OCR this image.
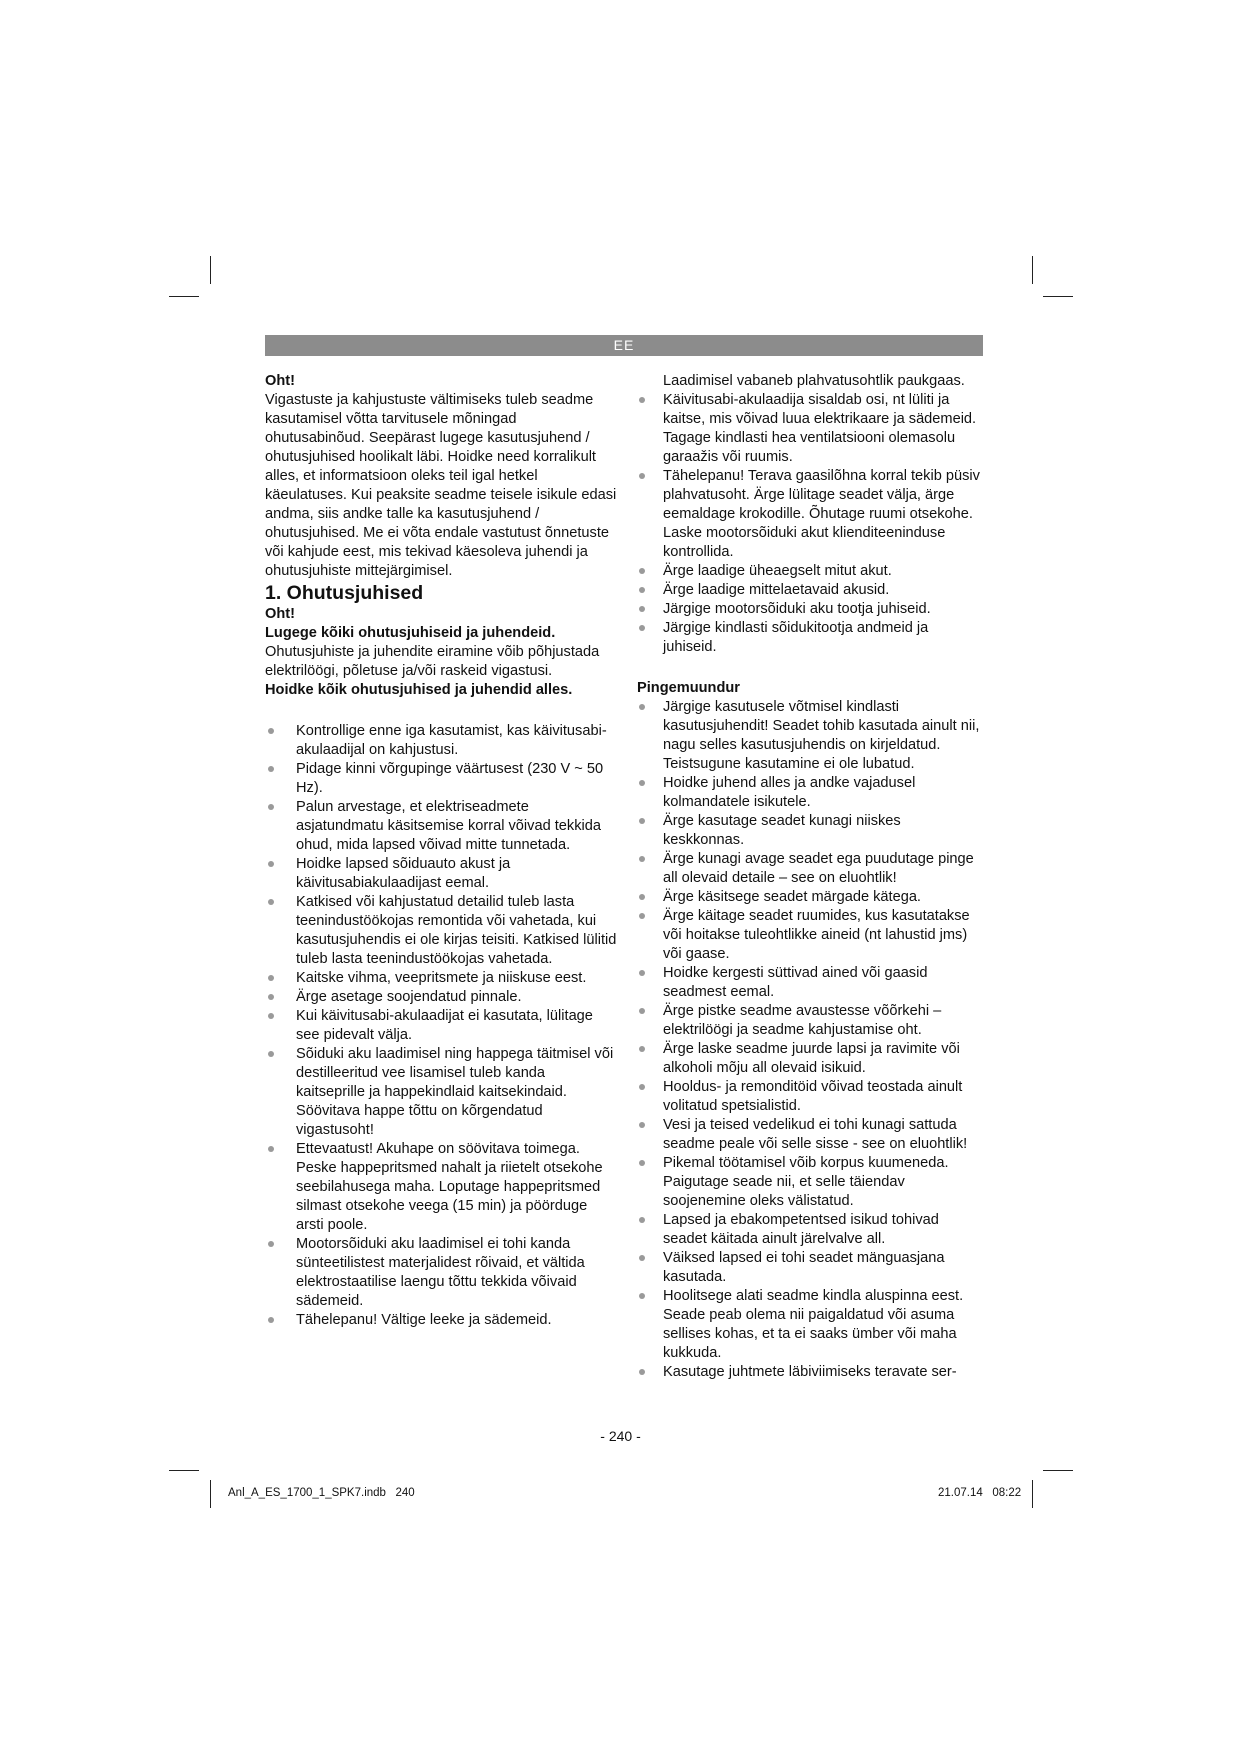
EE

Oht!

Vigastuste ja kahjustuste vältimiseks tuleb seadme kasutamisel võtta tarvitusele mõningad ohutusabinõud. Seepärast lugege kasutusjuhend / ohutusjuhised hoolikalt läbi. Hoidke need korralikult alles, et informatsioon oleks teil igal hetkel käeulatuses. Kui peaksite seadme teisele isikule edasi andma, siis andke talle ka kasutusjuhend / ohutusjuhised. Me ei võta endale vastutust õnnetuste või kahjude eest, mis tekivad käesoleva juhendi ja ohutusjuhiste mittejärgimisel.

1. Ohutusjuhised

Oht!

Lugege kõiki ohutusjuhiseid ja juhendeid.

Ohutusjuhiste ja juhendite eiramine võib põhjustada elektrilöögi, põletuse ja/või raskeid vigastusi.

Hoidke kõik ohutusjuhised ja juhendid alles.

Kontrollige enne iga kasutamist, kas käivitusabi-akulaadijal on kahjustusi.
Pidage kinni võrgupinge väärtusest (230 V ~ 50 Hz).
Palun arvestage, et elektriseadmete asjatundmatu käsitsemise korral võivad tekkida ohud, mida lapsed võivad mitte tunnetada.
Hoidke lapsed sõiduauto akust ja käivitusabiakulaadijast eemal.
Katkised või kahjustatud detailid tuleb lasta teenindustöökojas remontida või vahetada, kui kasutusjuhendis ei ole kirjas teisiti. Katkised lülitid tuleb lasta teenindustöökojas vahetada.
Kaitske vihma, veepritsmete ja niiskuse eest.
Ärge asetage soojendatud pinnale.
Kui käivitusabi-akulaadijat ei kasutata, lülitage see pidevalt välja.
Sõiduki aku laadimisel ning happega täitmisel või destilleeritud vee lisamisel tuleb kanda kaitseprille ja happekindlaid kaitsekindaid. Söövitava happe tõttu on kõrgendatud vigastusoht!
Ettevaatust! Akuhape on söövitava toimega. Peske happepritsmed nahalt ja riietelt otsekohe seebilahusega maha. Loputage happepritsmed silmast otsekohe veega (15 min) ja pöörduge arsti poole.
Mootorsõiduki aku laadimisel ei tohi kanda sünteetilistest materjalidest rõivaid, et vältida elektrostaatilise laengu tõttu tekkida võivaid sädemeid.
Tähelepanu! Vältige leeke ja sädemeid.

Laadimisel vabaneb plahvatusohtlik paukgaas.

Käivitusabi-akulaadija sisaldab osi, nt lüliti ja kaitse, mis võivad luua elektrikaare ja sädemeid. Tagage kindlasti hea ventilatsiooni olemasolu garaažis või ruumis.
Tähelepanu! Terava gaasilõhna korral tekib püsiv plahvatusoht. Ärge lülitage seadet välja, ärge eemaldage krokodille. Õhutage ruumi otsekohe. Laske mootorsõiduki akut klienditeeninduse kontrollida.
Ärge laadige üheaegselt mitut akut.
Ärge laadige mittelaetavaid akusid.
Järgige mootorsõiduki aku tootja juhiseid.
Järgige kindlasti sõidukitootja andmeid ja juhiseid.

Pingemuundur

Järgige kasutusele võtmisel kindlasti kasutusjuhendit! Seadet tohib kasutada ainult nii, nagu selles kasutusjuhendis on kirjeldatud. Teistsugune kasutamine ei ole lubatud.
Hoidke juhend alles ja andke vajadusel kolmandatele isikutele.
Ärge kasutage seadet kunagi niiskes keskkonnas.
Ärge kunagi avage seadet ega puudutage pinge all olevaid detaile – see on eluohtlik!
Ärge käsitsege seadet märgade kätega.
Ärge käitage seadet ruumides, kus kasutatakse või hoitakse tuleohtlikke aineid (nt lahustid jms) või gaase.
Hoidke kergesti süttivad ained või gaasid seadmest eemal.
Ärge pistke seadme avaustesse võõrkehi – elektrilöögi ja seadme kahjustamise oht.
Ärge laske seadme juurde lapsi ja ravimite või alkoholi mõju all olevaid isikuid.
Hooldus- ja remonditöid võivad teostada ainult volitatud spetsialistid.
Vesi ja teised vedelikud ei tohi kunagi sattuda seadme peale või selle sisse - see on eluohtlik!
Pikemal töötamisel võib korpus kuumeneda. Paigutage seade nii, et selle täiendav soojenemine oleks välistatud.
Lapsed ja ebakompetentsed isikud tohivad seadet käitada ainult järelvalve all.
Väiksed lapsed ei tohi seadet mänguasjana kasutada.
Hoolitsege alati seadme kindla aluspinna eest. Seade peab olema nii paigaldatud või asuma sellises kohas, et ta ei saaks ümber või maha kukkuda.
Kasutage juhtmete läbiviimiseks teravate ser-
- 240 -
Anl_A_ES_1700_1_SPK7.indb   240	21.07.14   08:22
